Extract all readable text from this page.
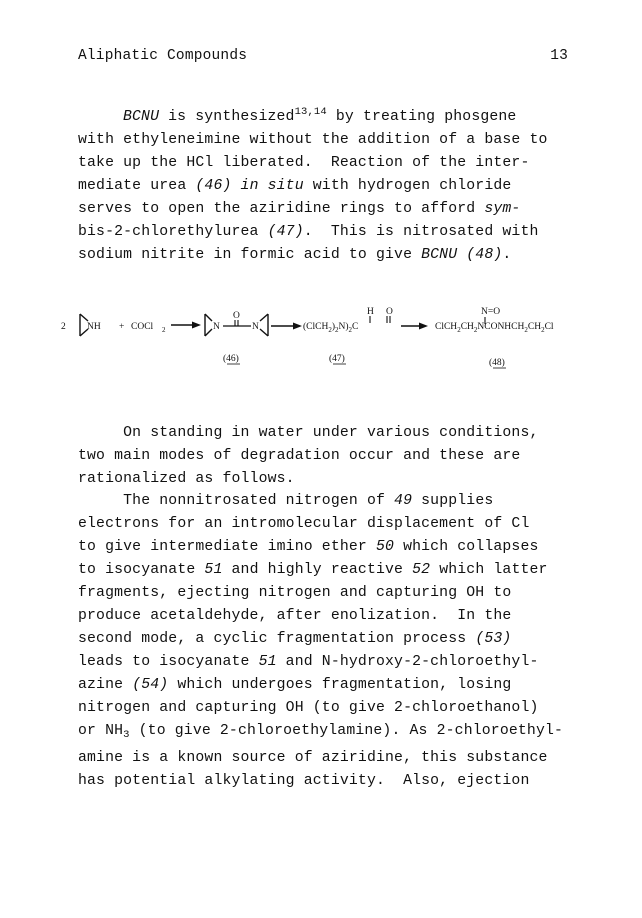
Aliphatic Compounds	13
BCNU is synthesized$^{13,14}$ by treating phosgene
with ethyleneimine without the addition of a base to
take up the HCl liberated.  Reaction of the inter-
mediate urea (46) in situ with hydrogen chloride
serves to open the aziridine rings to afford sym-
bis-2-chlorethylurea (47).  This is nitrosated with
sodium nitrite in formic acid to give BCNU (48).
2 NH + COCl 2	N
O
N
H O
$(ClCH_2)_2N)_2C$
N=O
$ClCH_2CH_2NCONHCH_2CH_2Cl$
(46)	(47)	(48)
On standing in water under various conditions,
two main modes of degradation occur and these are
rationalized as follows.
The nonnitrosated nitrogen of 49 supplies
electrons for an intromolecular displacement of Cl
to give intermediate imino ether 50 which collapses
to isocyanate 51 and highly reactive 52 which latter
fragments, ejecting nitrogen and capturing OH to
produce acetaldehyde, after enolization.  In the
second mode, a cyclic fragmentation process (53)
leads to isocyanate 51 and N-hydroxy-2-chloroethyl-
azine (54) which undergoes fragmentation, losing
nitrogen and capturing OH (to give 2-chloroethanol)
or $NH_3$ (to give 2-chloroethylamine). As 2-chloroethyl-
amine is a known source of aziridine, this substance
has potential alkylating activity.  Also, ejection
